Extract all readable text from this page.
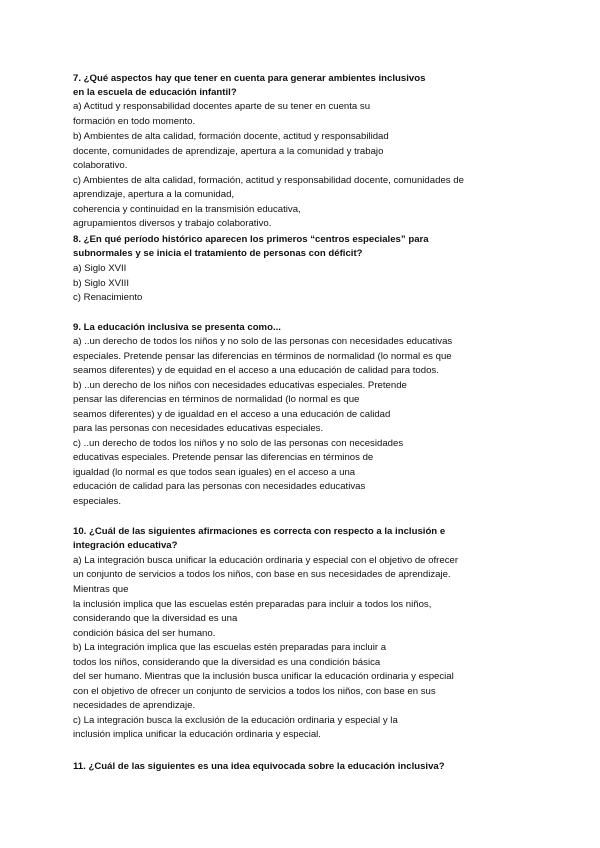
7. ¿Qué aspectos hay que tener en cuenta para generar ambientes inclusivos
en la escuela de educación infantil?
a) Actitud y responsabilidad docentes aparte de su tener en cuenta su
formación en todo momento.
b) Ambientes de alta calidad, formación docente, actitud y responsabilidad
docente, comunidades de aprendizaje, apertura a la comunidad y trabajo
colaborativo.
c) Ambientes de alta calidad, formación, actitud y responsabilidad docente, comunidades de
aprendizaje, apertura a la comunidad,
coherencia y continuidad en la transmisión educativa,
agrupamientos diversos y trabajo colaborativo.
8. ¿En qué período histórico aparecen los primeros “centros especiales” para
subnormales y se inicia el tratamiento de personas con déficit?
a) Siglo XVII
b) Siglo XVIII
c) Renacimiento
9. La educación inclusiva se presenta como...
a) ..un derecho de todos los niños y no solo de las personas con necesidades educativas
especiales. Pretende pensar las diferencias en términos de normalidad (lo normal es que
seamos diferentes) y de equidad en el acceso a una educación de calidad para todos.
b) ..un derecho de los niños con necesidades educativas especiales. Pretende
pensar las diferencias en términos de normalidad (lo normal es que
seamos diferentes) y de igualdad en el acceso a una educación de calidad
para las personas con necesidades educativas especiales.
c) ..un derecho de todos los niños y no solo de las personas con necesidades
educativas especiales. Pretende pensar las diferencias en términos de
igualdad (lo normal es que todos sean iguales) en el acceso a una
educación de calidad para las personas con necesidades educativas
especiales.
10. ¿Cuál de las siguientes afirmaciones es correcta con respecto a la inclusión e
integración educativa?
a) La integración busca unificar la educación ordinaria y especial con el objetivo de ofrecer
un conjunto de servicios a todos los niños, con base en sus necesidades de aprendizaje.
Mientras que
la inclusión implica que las escuelas estén preparadas para incluir a todos los niños,
considerando que la diversidad es una
condición básica del ser humano.
b) La integración implica que las escuelas estén preparadas para incluir a
todos los niños, considerando que la diversidad es una condición básica
del ser humano. Mientras que la inclusión busca unificar la educación ordinaria y especial
con el objetivo de ofrecer un conjunto de servicios a todos los niños, con base en sus
necesidades de aprendizaje.
c) La integración busca la exclusión de la educación ordinaria y especial y la
inclusión implica unificar la educación ordinaria y especial.
11. ¿Cuál de las siguientes es una idea equivocada sobre la educación inclusiva?
